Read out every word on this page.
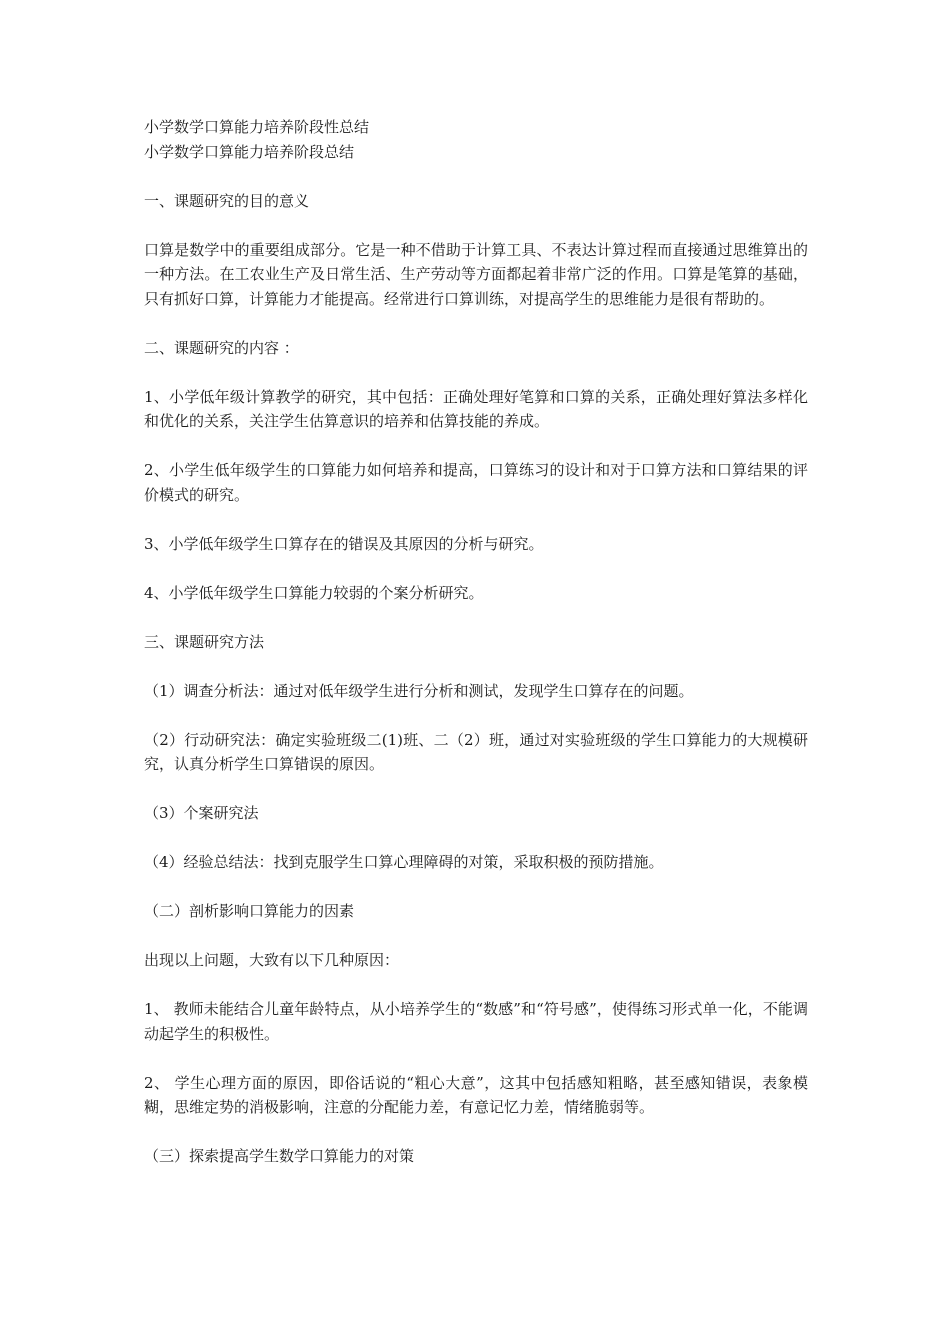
小学数学口算能力培养阶段性总结

小学数学口算能力培养阶段总结

一、课题研究的目的意义

口算是数学中的重要组成部分。它是一种不借助于计算工具、不表达计算过程而直接通过思维算出的一种方法。在工农业生产及日常生活、生产劳动等方面都起着非常广泛的作用。口算是笔算的基础，只有抓好口算，计算能力才能提高。经常进行口算训练，对提高学生的思维能力是很有帮助的。

二、课题研究的内容 ：

1、小学低年级计算教学的研究，其中包括：正确处理好笔算和口算的关系，正确处理好算法多样化和优化的关系，关注学生估算意识的培养和估算技能的养成。

2、小学生低年级学生的口算能力如何培养和提高，口算练习的设计和对于口算方法和口算结果的评价模式的研究。

3、小学低年级学生口算存在的错误及其原因的分析与研究。

4、小学低年级学生口算能力较弱的个案分析研究。

三、课题研究方法

（1）调查分析法：通过对低年级学生进行分析和测试，发现学生口算存在的问题。

（2）行动研究法：确定实验班级二(1)班、二（2）班，通过对实验班级的学生口算能力的大规模研究，认真分析学生口算错误的原因。

（3）个案研究法

（4）经验总结法：找到克服学生口算心理障碍的对策，采取积极的预防措施。

（二）剖析影响口算能力的因素

出现以上问题，大致有以下几种原因：

1、 教师未能结合儿童年龄特点，从小培养学生的“数感”和“符号感”，使得练习形式单一化，不能调动起学生的积极性。

2、 学生心理方面的原因，即俗话说的“粗心大意”，这其中包括感知粗略，甚至感知错误，表象模糊，思维定势的消极影响，注意的分配能力差，有意记忆力差，情绪脆弱等。

（三）探索提高学生数学口算能力的对策
